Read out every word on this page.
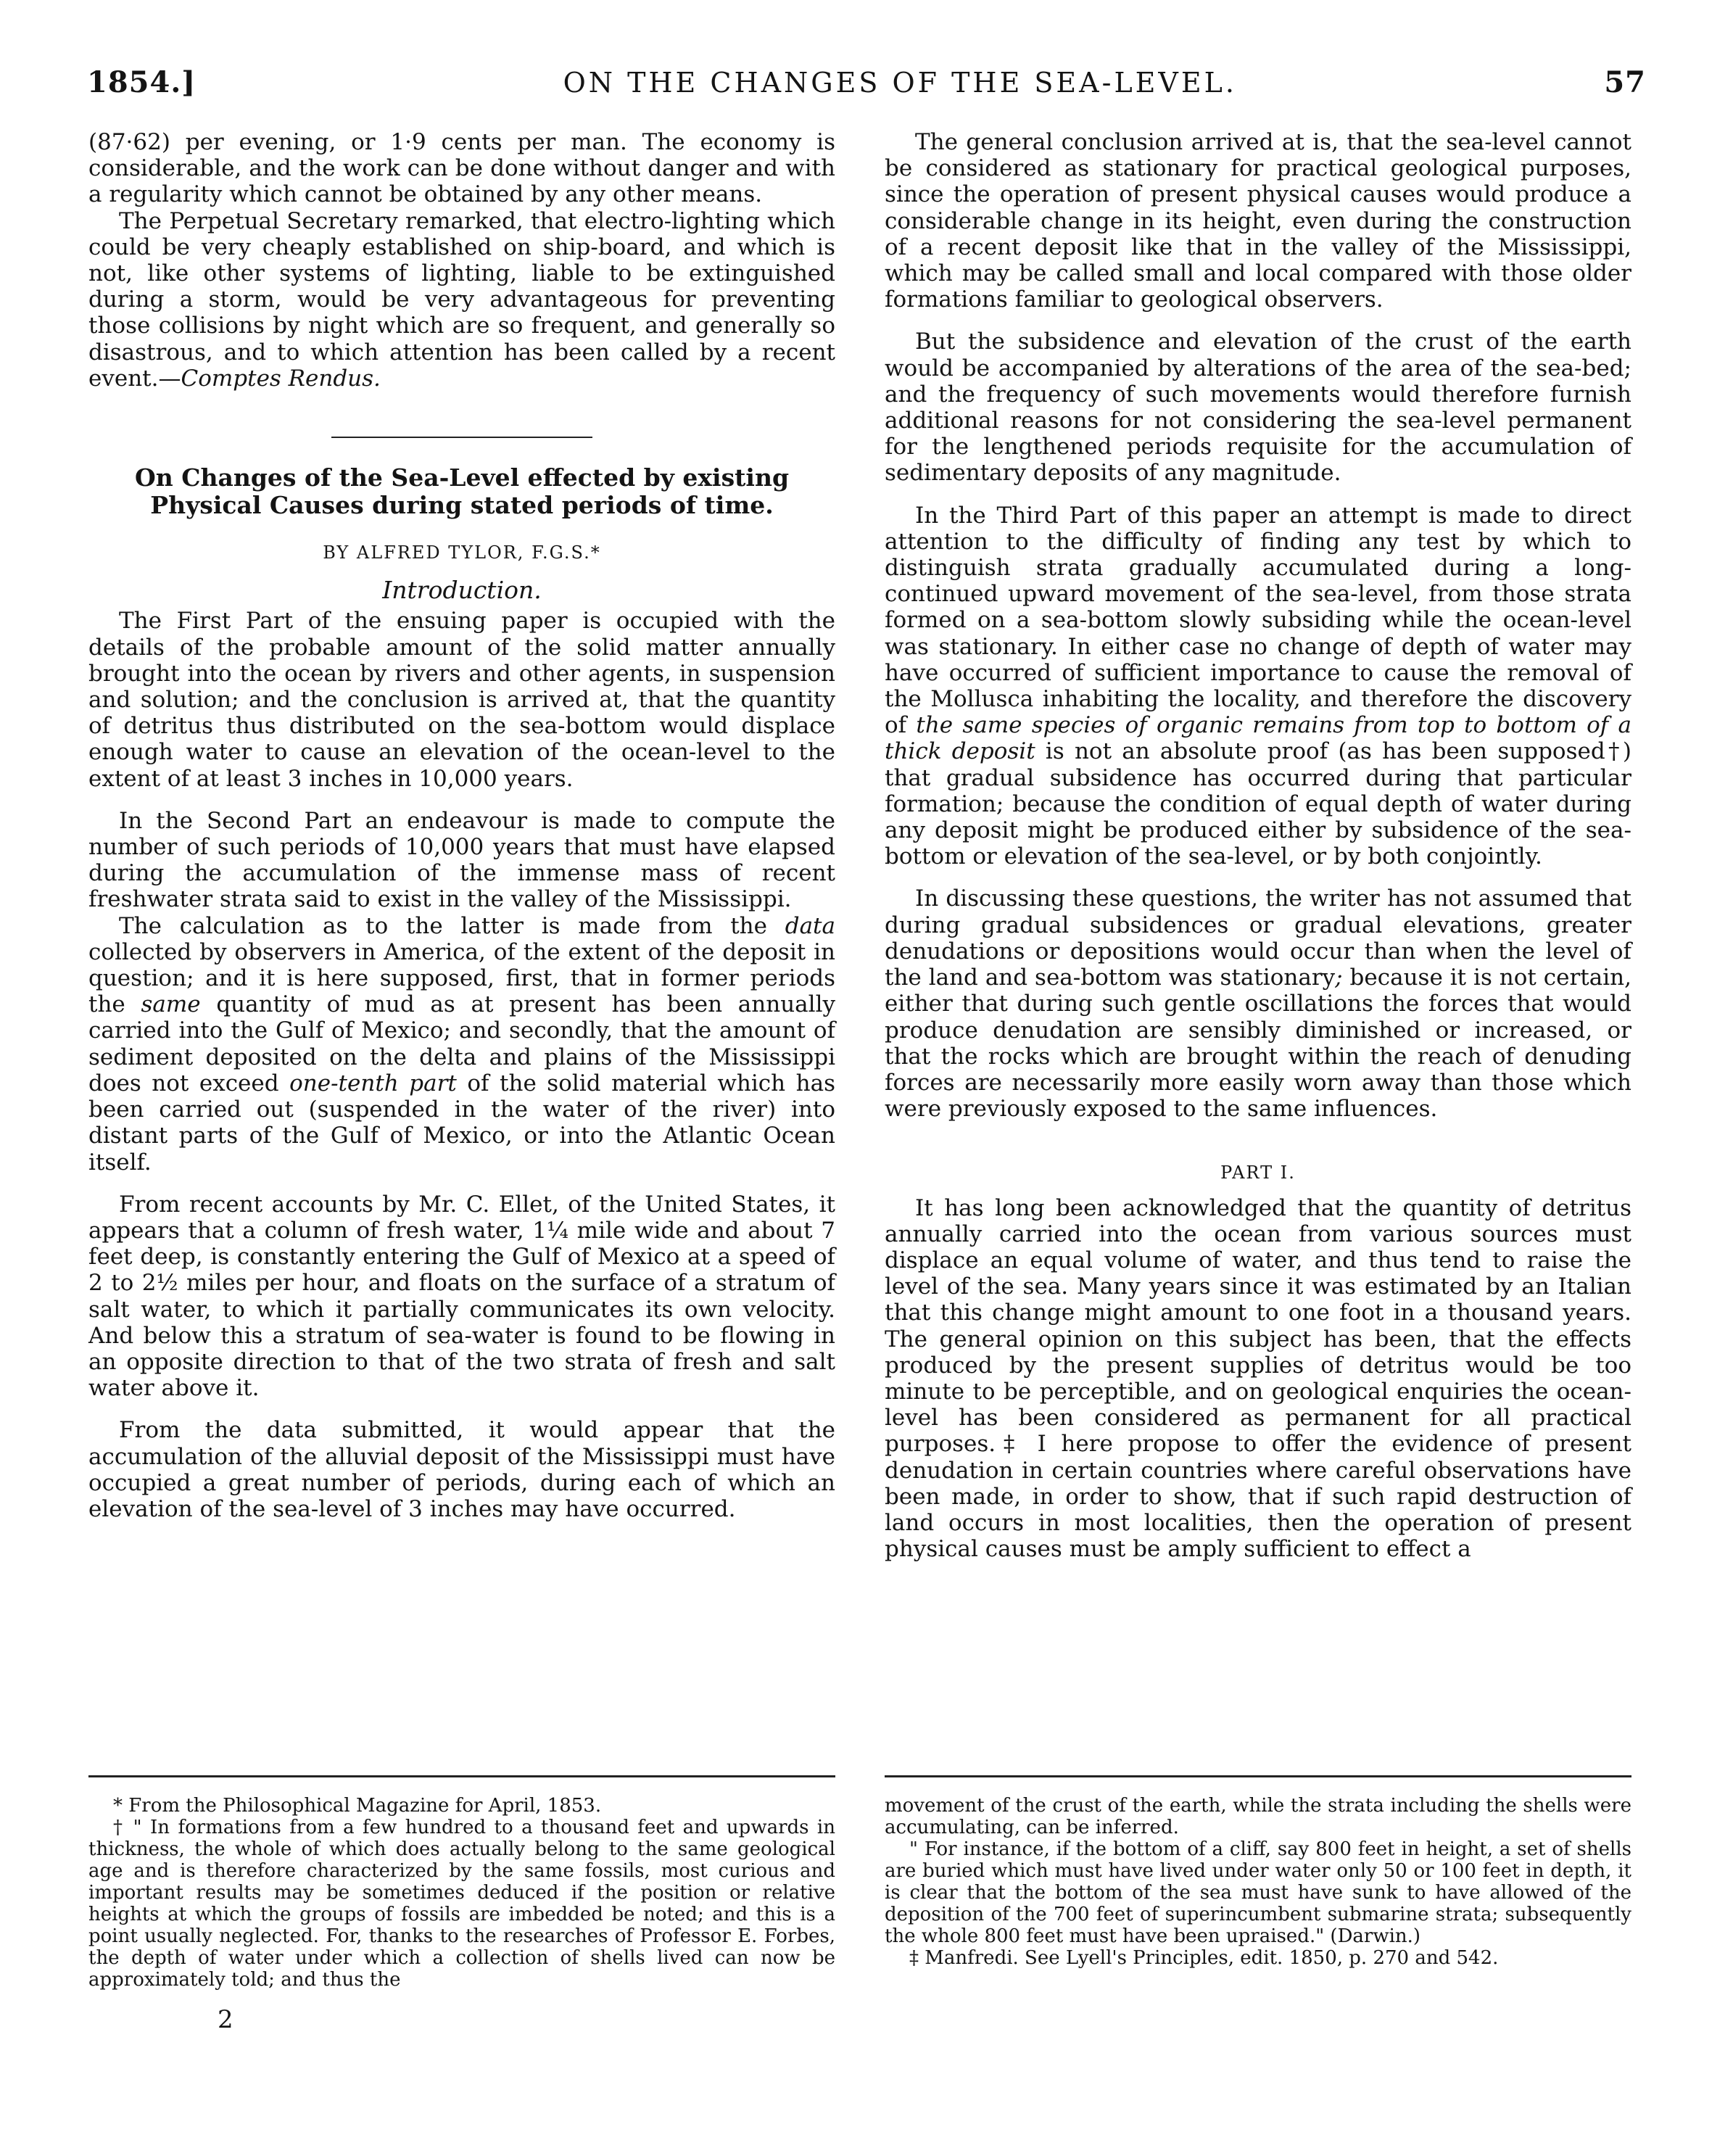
1854.]	ON THE CHANGES OF THE SEA-LEVEL.	57

(87·62) per evening, or 1·9 cents per man. The economy is considerable, and the work can be done without danger and with a regularity which cannot be obtained by any other means.

The Perpetual Secretary remarked, that electro-lighting which could be very cheaply established on ship-board, and which is not, like other systems of lighting, liable to be extinguished during a storm, would be very advantageous for preventing those collisions by night which are so frequent, and generally so disastrous, and to which attention has been called by a recent event.—Comptes Rendus.

On Changes of the Sea-Level effected by existing Physical Causes during stated periods of time.
BY ALFRED TYLOR, F.G.S.*
Introduction.

The First Part of the ensuing paper is occupied with the details of the probable amount of the solid matter annually brought into the ocean by rivers and other agents, in suspension and solution; and the conclusion is arrived at, that the quantity of detritus thus distributed on the sea-bottom would displace enough water to cause an elevation of the ocean-level to the extent of at least 3 inches in 10,000 years.

In the Second Part an endeavour is made to compute the number of such periods of 10,000 years that must have elapsed during the accumulation of the immense mass of recent freshwater strata said to exist in the valley of the Mississippi.

The calculation as to the latter is made from the data collected by observers in America, of the extent of the deposit in question; and it is here supposed, first, that in former periods the same quantity of mud as at present has been annually carried into the Gulf of Mexico; and secondly, that the amount of sediment deposited on the delta and plains of the Mississippi does not exceed one-tenth part of the solid material which has been carried out (suspended in the water of the river) into distant parts of the Gulf of Mexico, or into the Atlantic Ocean itself.

From recent accounts by Mr. C. Ellet, of the United States, it appears that a column of fresh water, 1¼ mile wide and about 7 feet deep, is constantly entering the Gulf of Mexico at a speed of 2 to 2½ miles per hour, and floats on the surface of a stratum of salt water, to which it partially communicates its own velocity. And below this a stratum of sea-water is found to be flowing in an opposite direction to that of the two strata of fresh and salt water above it.

From the data submitted, it would appear that the accumulation of the alluvial deposit of the Mississippi must have occupied a great number of periods, during each of which an elevation of the sea-level of 3 inches may have occurred.

The general conclusion arrived at is, that the sea-level cannot be considered as stationary for practical geological purposes, since the operation of present physical causes would produce a considerable change in its height, even during the construction of a recent deposit like that in the valley of the Mississippi, which may be called small and local compared with those older formations familiar to geological observers.

But the subsidence and elevation of the crust of the earth would be accompanied by alterations of the area of the sea-bed; and the frequency of such movements would therefore furnish additional reasons for not considering the sea-level permanent for the lengthened periods requisite for the accumulation of sedimentary deposits of any magnitude.

In the Third Part of this paper an attempt is made to direct attention to the difficulty of finding any test by which to distinguish strata gradually accumulated during a long-continued upward movement of the sea-level, from those strata formed on a sea-bottom slowly subsiding while the ocean-level was stationary. In either case no change of depth of water may have occurred of sufficient importance to cause the removal of the Mollusca inhabiting the locality, and therefore the discovery of the same species of organic remains from top to bottom of a thick deposit is not an absolute proof (as has been supposed†) that gradual subsidence has occurred during that particular formation; because the condition of equal depth of water during any deposit might be produced either by subsidence of the sea-bottom or elevation of the sea-level, or by both conjointly.

In discussing these questions, the writer has not assumed that during gradual subsidences or gradual elevations, greater denudations or depositions would occur than when the level of the land and sea-bottom was stationary; because it is not certain, either that during such gentle oscillations the forces that would produce denudation are sensibly diminished or increased, or that the rocks which are brought within the reach of denuding forces are necessarily more easily worn away than those which were previously exposed to the same influences.

PART I.

It has long been acknowledged that the quantity of detritus annually carried into the ocean from various sources must displace an equal volume of water, and thus tend to raise the level of the sea. Many years since it was estimated by an Italian that this change might amount to one foot in a thousand years. The general opinion on this subject has been, that the effects produced by the present supplies of detritus would be too minute to be perceptible, and on geological enquiries the ocean-level has been considered as permanent for all practical purposes.‡ I here propose to offer the evidence of present denudation in certain countries where careful observations have been made, in order to show, that if such rapid destruction of land occurs in most localities, then the operation of present physical causes must be amply sufficient to effect a

* From the Philosophical Magazine for April, 1853.

† " In formations from a few hundred to a thousand feet and upwards in thickness, the whole of which does actually belong to the same geological age and is therefore characterized by the same fossils, most curious and important results may be sometimes deduced if the position or relative heights at which the groups of fossils are imbedded be noted; and this is a point usually neglected. For, thanks to the researches of Professor E. Forbes, the depth of water under which a collection of shells lived can now be approximately told; and thus the

movement of the crust of the earth, while the strata including the shells were accumulating, can be inferred.

" For instance, if the bottom of a cliff, say 800 feet in height, a set of shells are buried which must have lived under water only 50 or 100 feet in depth, it is clear that the bottom of the sea must have sunk to have allowed of the deposition of the 700 feet of superincumbent submarine strata; subsequently the whole 800 feet must have been upraised." (Darwin.)

‡ Manfredi. See Lyell's Principles, edit. 1850, p. 270 and 542.

2
